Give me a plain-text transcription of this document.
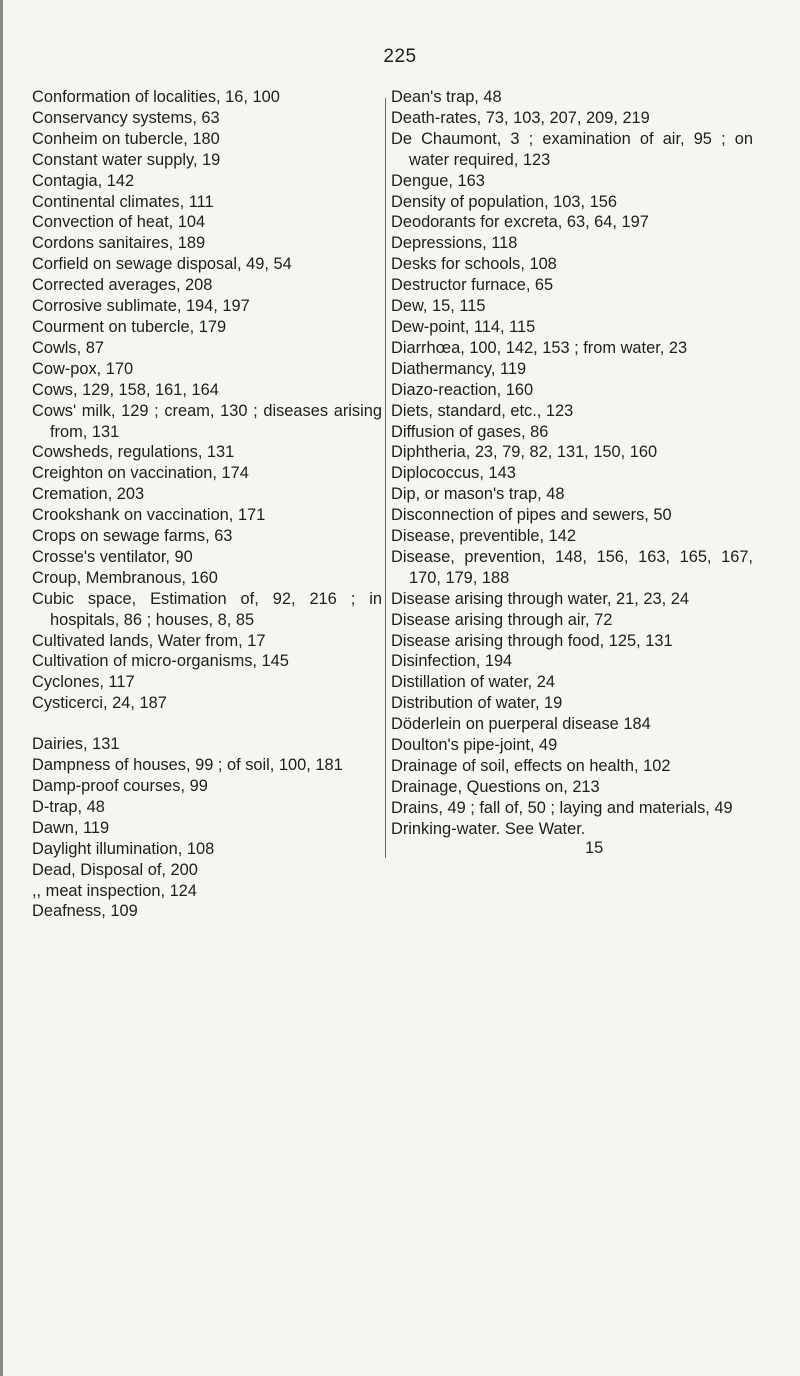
225

Conformation of localities, 16, 100

Conservancy systems, 63

Conheim on tubercle, 180

Constant water supply, 19

Contagia, 142

Continental climates, 111

Convection of heat, 104

Cordons sanitaires, 189

Corfield on sewage disposal, 49, 54

Corrected averages, 208

Corrosive sublimate, 194, 197

Courment on tubercle, 179

Cowls, 87

Cow-pox, 170

Cows, 129, 158, 161, 164

Cows' milk, 129 ; cream, 130 ; diseases arising from, 131

Cowsheds, regulations, 131

Creighton on vaccination, 174

Cremation, 203

Crookshank on vaccination, 171

Crops on sewage farms, 63

Crosse's ventilator, 90

Croup, Membranous, 160

Cubic space, Estimation of, 92, 216 ; in hospitals, 86 ; houses, 8, 85

Cultivated lands, Water from, 17

Cultivation of micro-organisms, 145

Cyclones, 117

Cysticerci, 24, 187

Dairies, 131

Dampness of houses, 99 ; of soil, 100, 181

Damp-proof courses, 99

D-trap, 48

Dawn, 119

Daylight illumination, 108

Dead, Disposal of, 200

,, meat inspection, 124

Deafness, 109

Dean's trap, 48

Death-rates, 73, 103, 207, 209, 219

De Chaumont, 3 ; examination of air, 95 ; on water required, 123

Dengue, 163

Density of population, 103, 156

Deodorants for excreta, 63, 64, 197

Depressions, 118

Desks for schools, 108

Destructor furnace, 65

Dew, 15, 115

Dew-point, 114, 115

Diarrhœa, 100, 142, 153 ; from water, 23

Diathermancy, 119

Diazo-reaction, 160

Diets, standard, etc., 123

Diffusion of gases, 86

Diphtheria, 23, 79, 82, 131, 150, 160

Diplococcus, 143

Dip, or mason's trap, 48

Disconnection of pipes and sewers, 50

Disease, preventible, 142

Disease, prevention, 148, 156, 163, 165, 167, 170, 179, 188

Disease arising through water, 21, 23, 24

Disease arising through air, 72

Disease arising through food, 125, 131

Disinfection, 194

Distillation of water, 24

Distribution of water, 19

Döderlein on puerperal disease 184

Doulton's pipe-joint, 49

Drainage of soil, effects on health, 102

Drainage, Questions on, 213

Drains, 49 ; fall of, 50 ; laying and materials, 49

Drinking-water. See Water.

15
